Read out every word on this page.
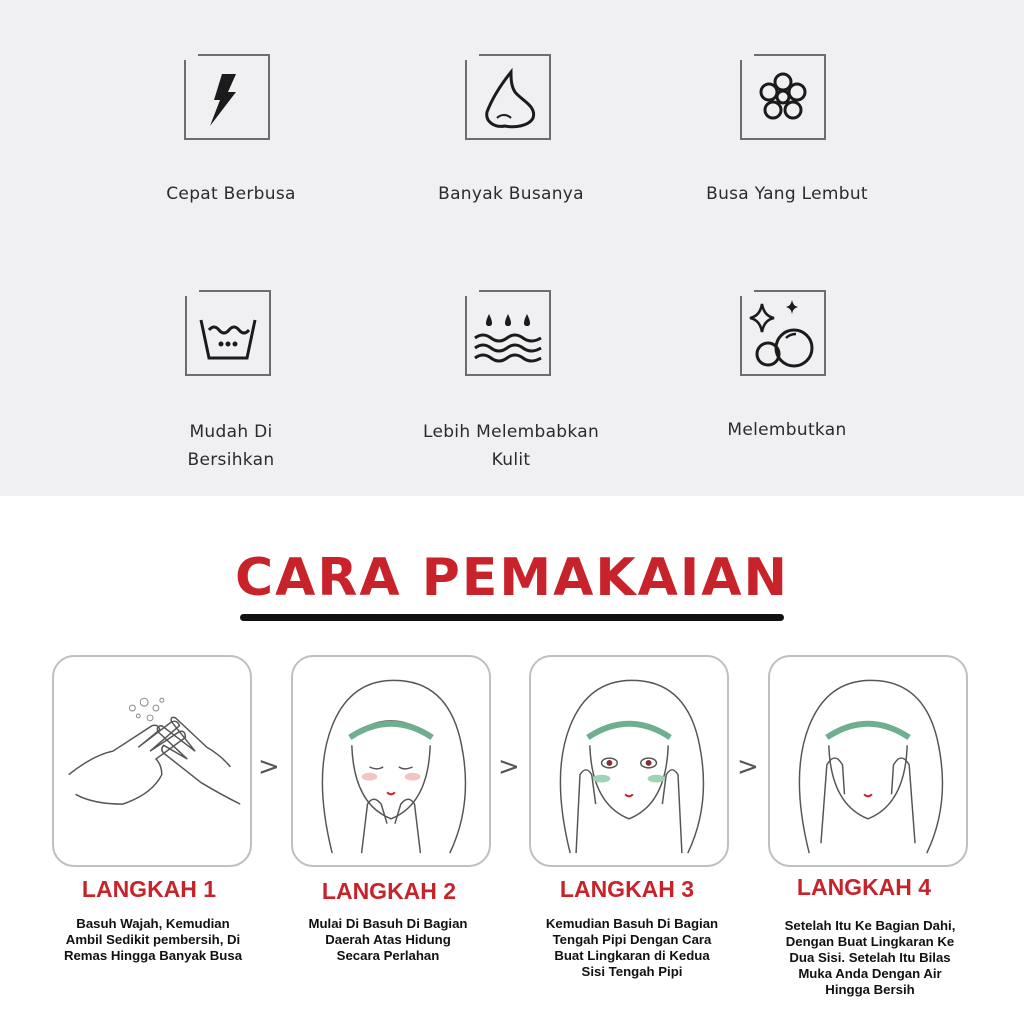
Cepat Berbusa	Banyak Busanya	Busa Yang Lembut
Mudah Di
Bersihkan
Lebih Melembabkan
Kulit
Melembutkan
CARA PEMAKAIAN
>	>	>
LANGKAH 1	LANGKAH 2	LANGKAH 3	LANGKAH 4
Basuh Wajah, Kemudian
Ambil Sedikit pembersih, Di
Remas Hingga Banyak Busa
Mulai Di Basuh Di Bagian
Daerah Atas Hidung
Secara Perlahan
Kemudian Basuh Di Bagian
Tengah Pipi Dengan Cara
Buat Lingkaran di Kedua
Sisi Tengah Pipi
Setelah Itu Ke Bagian Dahi,
Dengan Buat Lingkaran Ke
Dua Sisi. Setelah Itu Bilas
Muka Anda Dengan Air
Hingga Bersih
